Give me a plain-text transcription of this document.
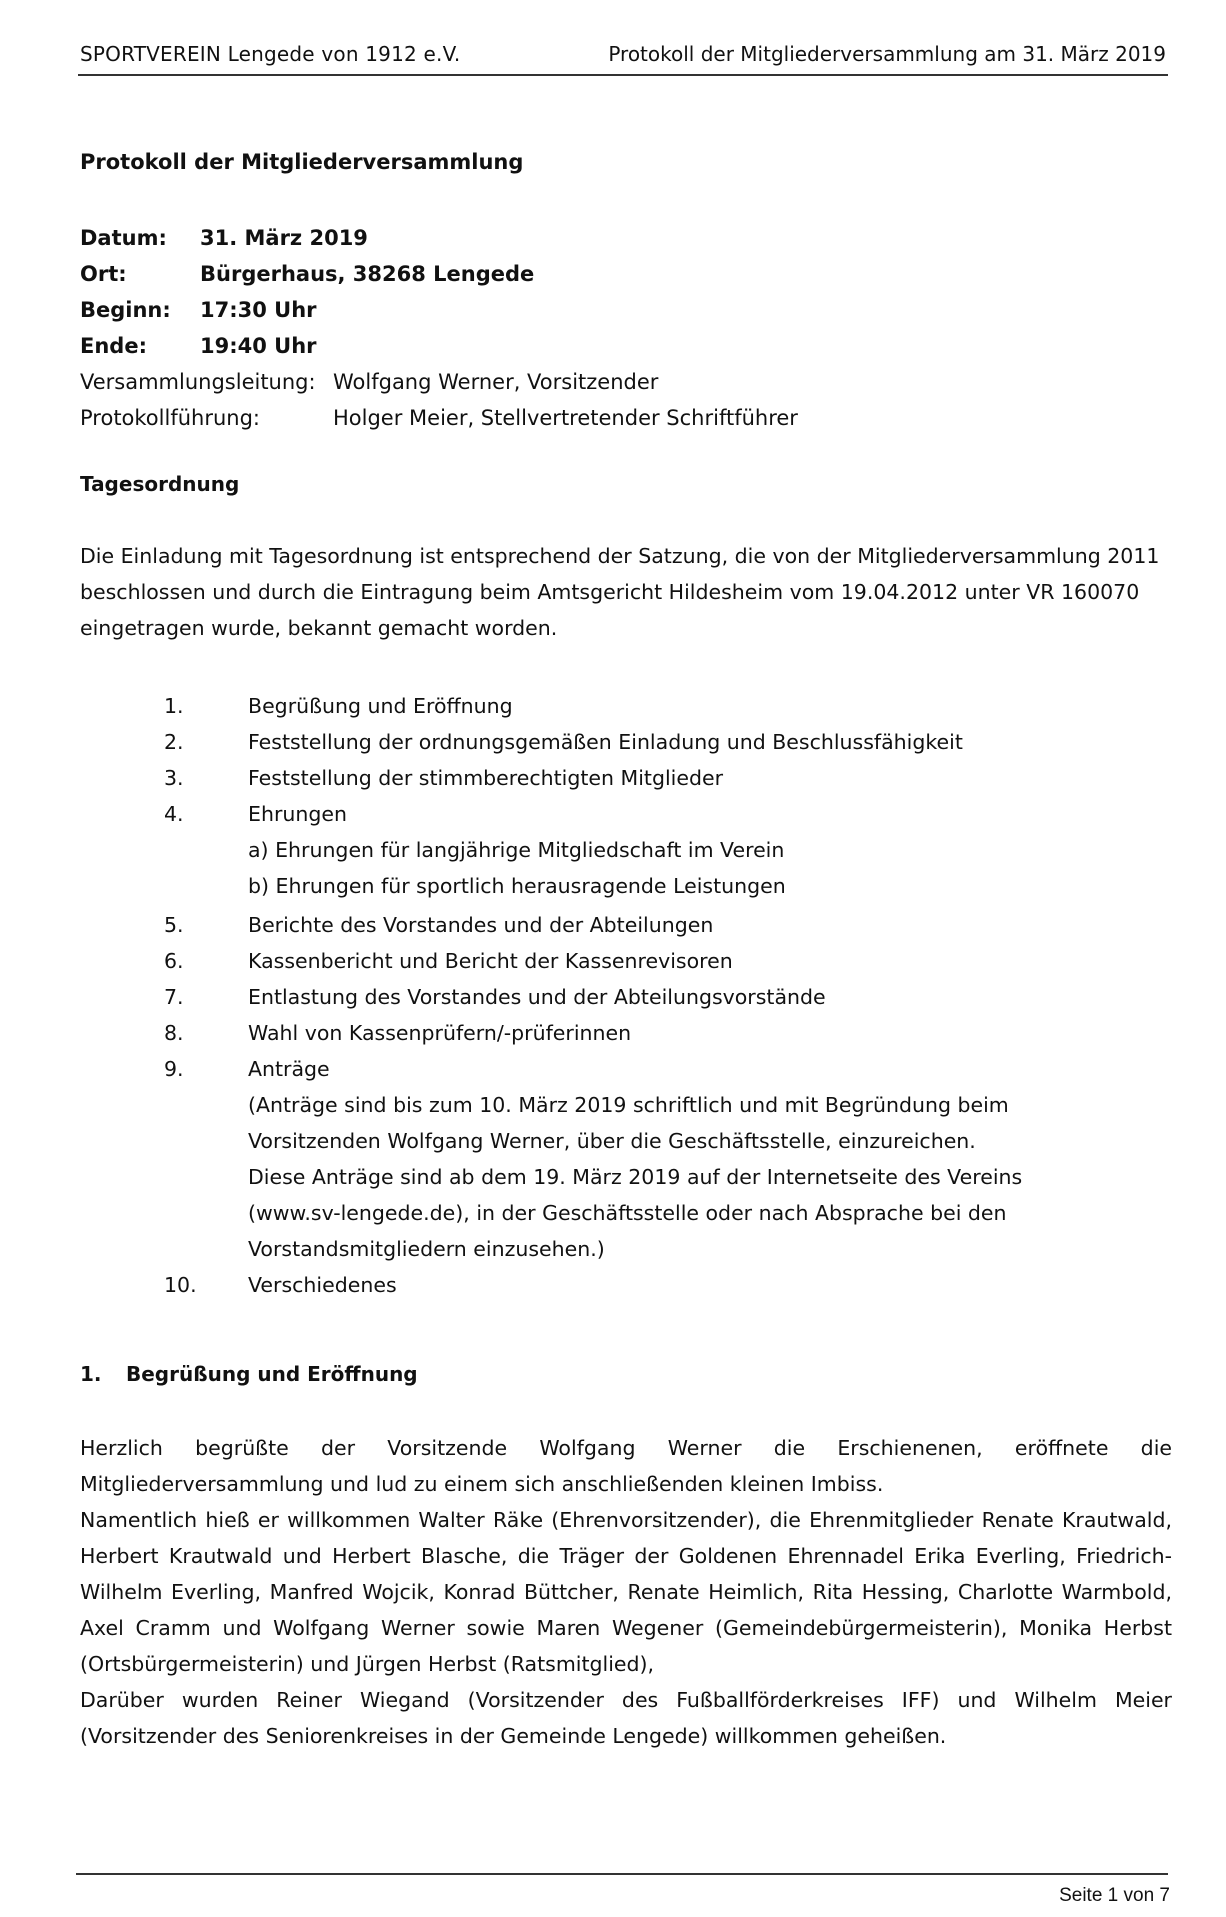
SPORTVEREIN Lengede von 1912 e.V.	Protokoll der Mitgliederversammlung am 31. März 2019
Protokoll der Mitgliederversammlung
Datum: 31. März 2019
Ort:	Bürgerhaus, 38268 Lengede
Beginn: 17:30 Uhr
Ende:	19:40 Uhr
Versammlungsleitung: Wolfgang Werner, Vorsitzender
Protokollführung:	Holger Meier, Stellvertretender Schriftführer
Tagesordnung
Die Einladung mit Tagesordnung ist entsprechend der Satzung, die von der Mitgliederversammlung 2011 beschlossen und durch die Eintragung beim Amtsgericht Hildesheim vom 19.04.2012 unter VR 160070 eingetragen wurde, bekannt gemacht worden.
1.	Begrüßung und Eröffnung
2.	Feststellung der ordnungsgemäßen Einladung und Beschlussfähigkeit
3.	Feststellung der stimmberechtigten Mitglieder
4.	Ehrungen
a) Ehrungen für langjährige Mitgliedschaft im Verein
b) Ehrungen für sportlich herausragende Leistungen
5.	Berichte des Vorstandes und der Abteilungen
6.	Kassenbericht und Bericht der Kassenrevisoren
7.	Entlastung des Vorstandes und der Abteilungsvorstände
8.	Wahl von Kassenprüfern/-prüferinnen
9.	Anträge
(Anträge sind bis zum 10. März 2019 schriftlich und mit Begründung beim
Vorsitzenden Wolfgang Werner, über die Geschäftsstelle, einzureichen.
Diese Anträge sind ab dem 19. März 2019 auf der Internetseite des Vereins
(www.sv-lengede.de), in der Geschäftsstelle oder nach Absprache bei den
Vorstandsmitgliedern einzusehen.)
10.	Verschiedenes
1. Begrüßung und Eröffnung

Herzlich begrüßte der Vorsitzende Wolfgang Werner die Erschienenen, eröffnete die Mitgliederversammlung und lud zu einem sich anschließenden kleinen Imbiss.

Namentlich hieß er willkommen Walter Räke (Ehrenvorsitzender), die Ehrenmitglieder Renate Krautwald, Herbert Krautwald und Herbert Blasche, die Träger der Goldenen Ehrennadel Erika Everling, Friedrich-Wilhelm Everling, Manfred Wojcik, Konrad Büttcher, Renate Heimlich, Rita Hessing, Charlotte Warmbold, Axel Cramm und Wolfgang Werner sowie Maren Wegener (Gemeindebürgermeisterin), Monika Herbst (Ortsbürgermeisterin) und Jürgen Herbst (Ratsmitglied),

Darüber wurden Reiner Wiegand (Vorsitzender des Fußballförderkreises IFF) und Wilhelm Meier (Vorsitzender des Seniorenkreises in der Gemeinde Lengede) willkommen geheißen.

Seite 1 von 7
